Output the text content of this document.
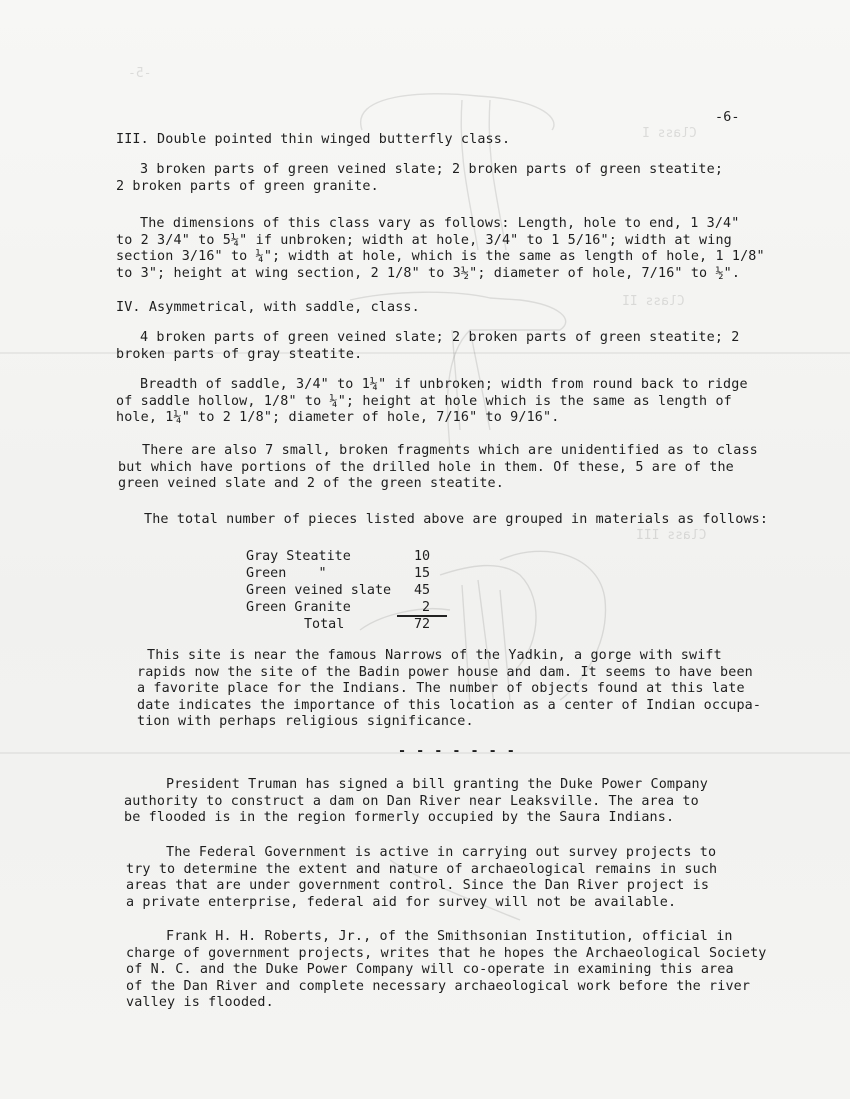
-5-
Class I
Class II
Class III
-6-
III. Double pointed thin winged butterfly class.

3 broken parts of green veined slate; 2 broken parts of green steatite;

2 broken parts of green granite.

The dimensions of this class vary as follows: Length, hole to end, 1 3/4"

to 2 3/4" to 5¼" if unbroken; width at hole, 3/4" to 1 5/16"; width at wing

section 3/16" to ¼"; width at hole, which is the same as length of hole, 1 1/8"

to 3"; height at wing section, 2 1/8" to 3½"; diameter of hole, 7/16" to ½".

IV. Asymmetrical, with saddle, class.

4 broken parts of green veined slate; 2 broken parts of green steatite; 2

broken parts of gray steatite.

Breadth of saddle, 3/4" to 1¼" if unbroken; width from round back to ridge

of saddle hollow, 1/8" to ¼"; height at hole which is the same as length of

hole, 1¼" to 2 1/8"; diameter of hole, 7/16" to 9/16".

There are also 7 small, broken fragments which are unidentified as to class

but which have portions of the drilled hole in them. Of these, 5 are of the

green veined slate and 2 of the green steatite.

The total number of pieces listed above are grouped in materials as follows:
Gray Steatite	10
Green    "	15
Green veined slate 45
Green Granite	2
Total	72

This site is near the famous Narrows of the Yadkin, a gorge with swift

rapids now the site of the Badin power house and dam. It seems to have been

a favorite place for the Indians. The number of objects found at this late

date indicates the importance of this location as a center of Indian occupa-

tion with perhaps religious significance.

- - - - - - -

President Truman has signed a bill granting the Duke Power Company

authority to construct a dam on Dan River near Leaksville. The area to

be flooded is in the region formerly occupied by the Saura Indians.

The Federal Government is active in carrying out survey projects to

try to determine the extent and nature of archaeological remains in such

areas that are under government control. Since the Dan River project is

a private enterprise, federal aid for survey will not be available.

Frank H. H. Roberts, Jr., of the Smithsonian Institution, official in

charge of government projects, writes that he hopes the Archaeological Society

of N. C. and the Duke Power Company will co-operate in examining this area

of the Dan River and complete necessary archaeological work before the river

valley is flooded.
